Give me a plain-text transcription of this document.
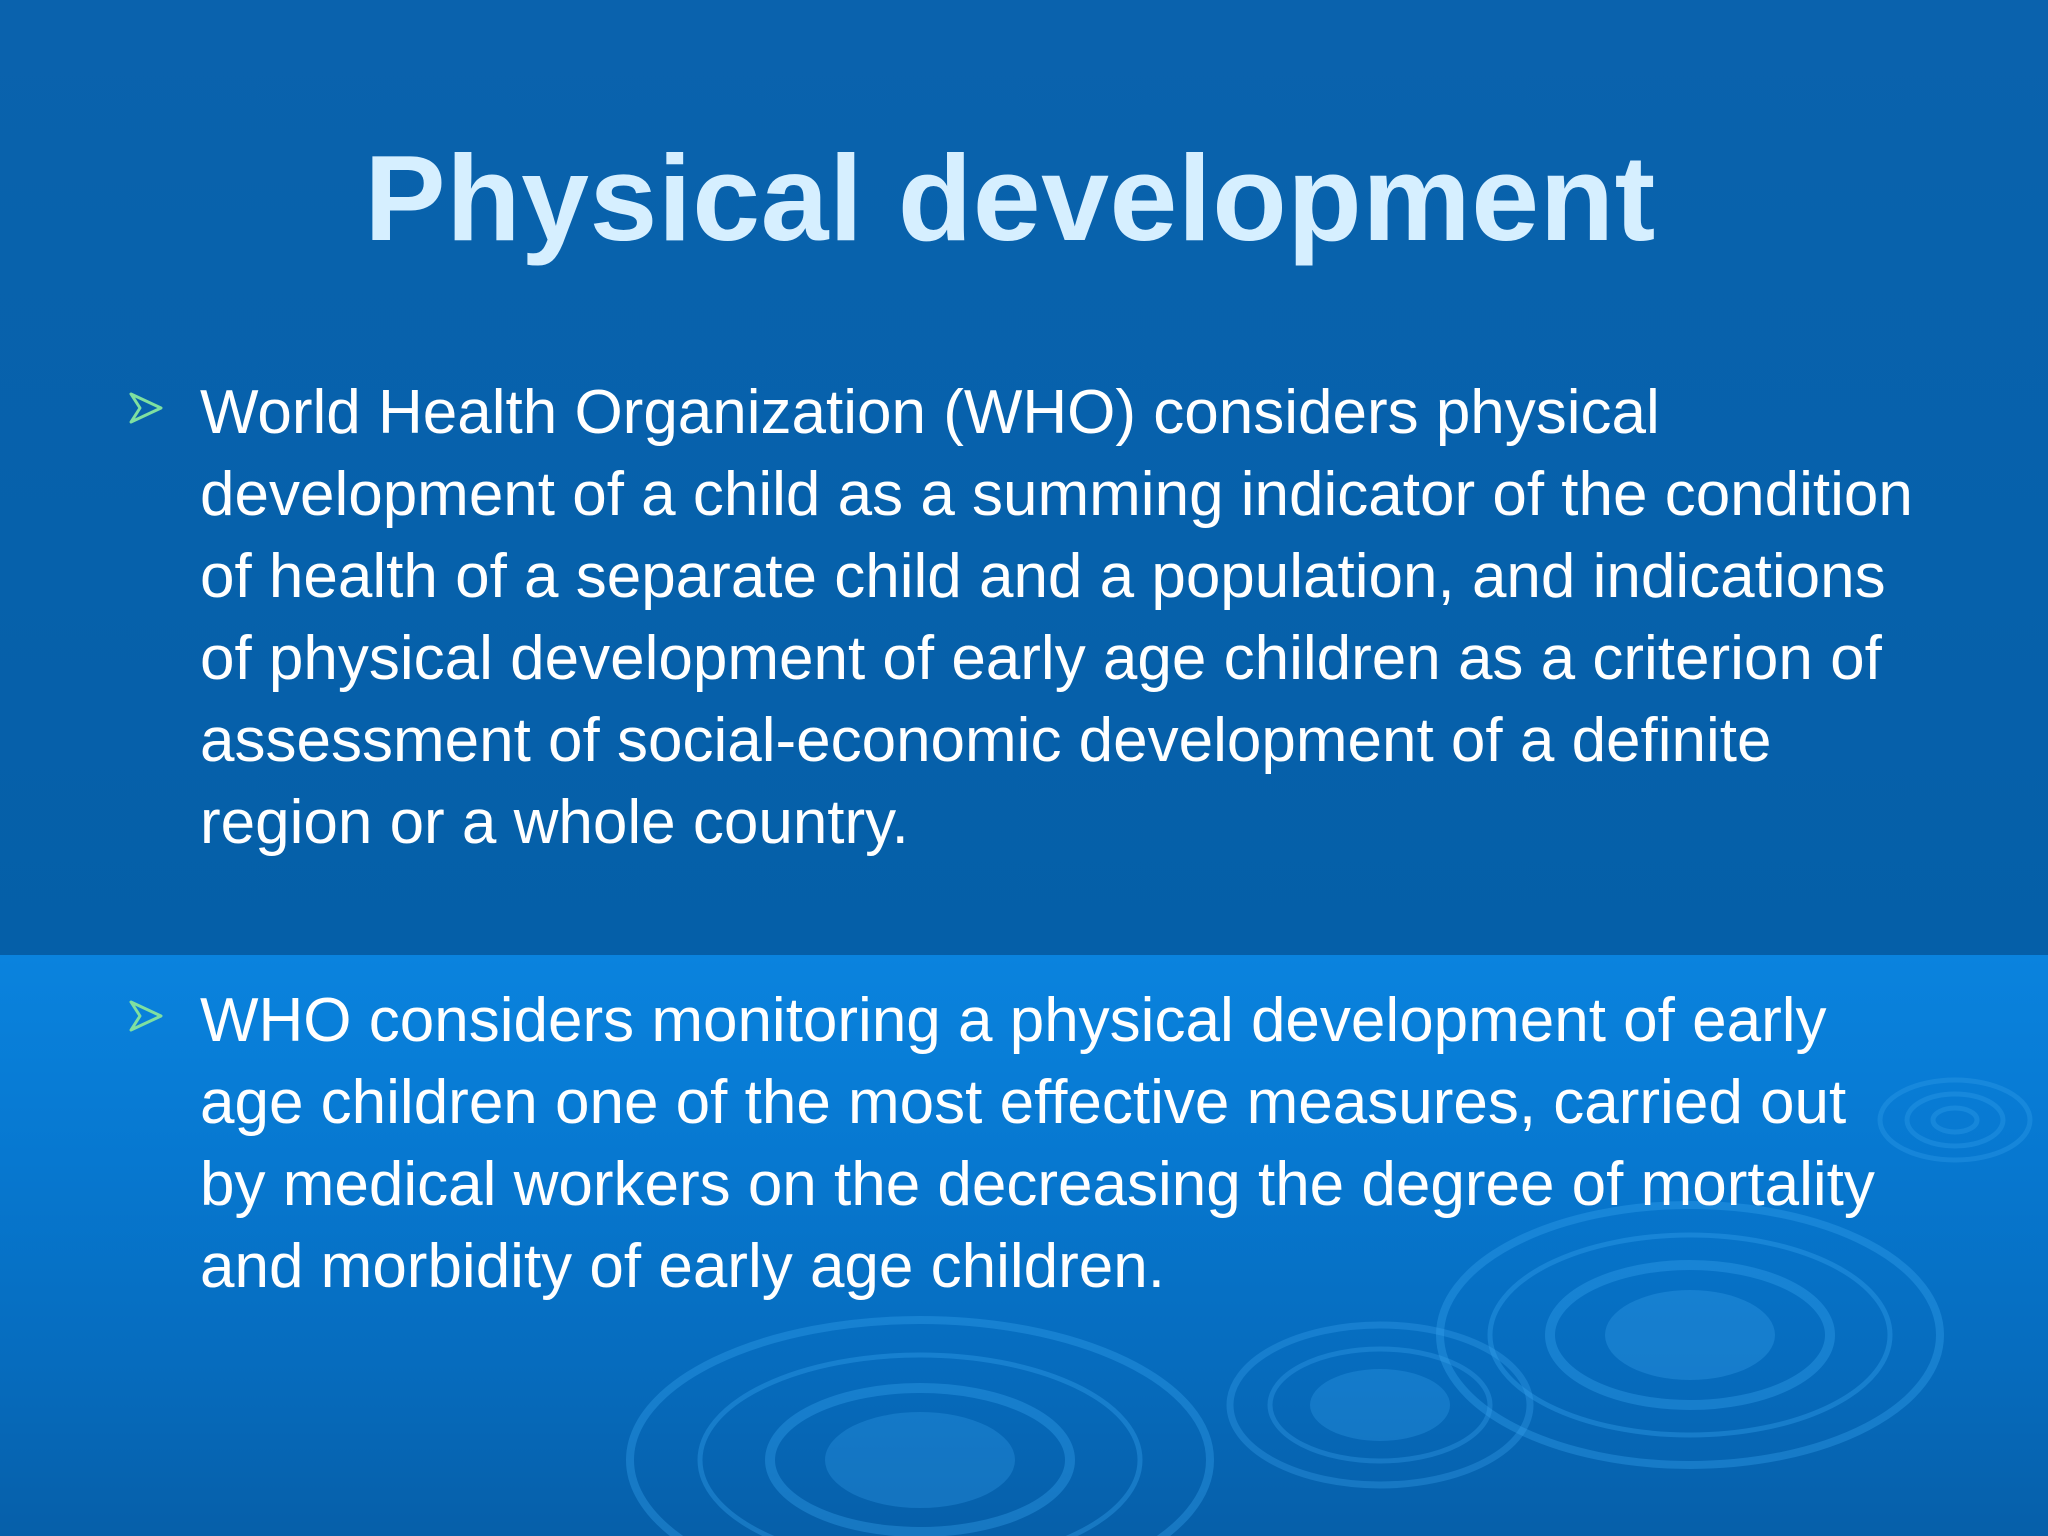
Physical development
World Health Organization (WHO) considers physical development of a child as a summing indicator of the condition of health of a separate child and a population, and indications of physical development of early age children as a criterion of assessment of social-economic development of a definite region or a whole country.
WHO considers monitoring a physical development of early age children one of the most effective measures, carried out by medical workers on the decreasing the degree of mortality and morbidity of early age children.
